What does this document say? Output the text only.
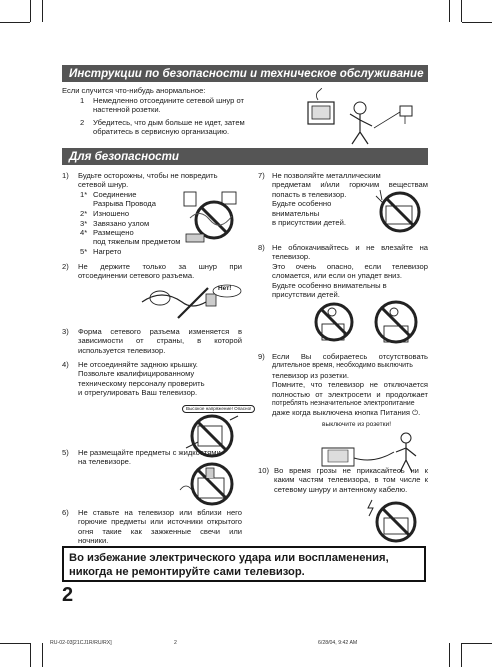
Инструкции по безопасности и техническое обслуживание
Если случится что-нибудь анормальное:
1 Немедленно отсоедините сетевой шнур от
настенной розетки.
2 Убедитесь, что дым больше не идет, затем
обратитесь в сервисную организацию.
Для безопасности
1) Будьте осторожны, чтобы не повредить
сетевой шнур.
1* Соединение
Разрыва Провода
2* Изношено
3* Завязано узлом
4* Размещено
под тяжелым предметом
5* Нагрето
2) Не держите только за шнур при
отсоединении сетевого разъема.
Нет!
3) Форма сетевого разъема изменяется в
зависимости от страны, в которой
используется телевизор.
4) Не отсоединяйте заднюю крышку.
Позвольте квалифицированному
техническому персоналу проверить
и отрегулировать Ваш телевизор.
Высокое напряжение! Опасно!
5) Не размещайте предметы с жидкостями
на телевизоре.
6) Не ставьте на телевизор или вблизи него
горючие предметы или источники открытого
огня такие как зажженные свечи или
ночники.
7) Не позволяйте металлическим
предметам и/или горючим веществам
попасть в телевизор.
Будьте особенно
внимательны
в присутствии детей.
8) Не облокачивайтесь и не влезайте на
телевизор.
Это очень опасно, если телевизор
сломается, или если он упадет вниз.
Будьте особенно внимательны в
присутствии детей.
9) Если Вы собираетесь отсутствовать
длительное время, необходимо выключить
телевизор из розетки.
Помните, что телевизор не отключается
полностью от электросети и продолжает
потреблять незначительное электропитание
даже когда выключена кнопка Питания ⏻.
выключите из розетки!
10) Во время грозы не прикасайтесь ни к
каким частям телевизора, в том числе к
сетевому шнуру и антенному кабелю.
Во избежание электрического удара или воспламенения,
никогда не ремонтируйте сами телевизор.
2
RU-02-03[21CJ1R/RU/RX]	2	6/28/04, 9:42 AM
